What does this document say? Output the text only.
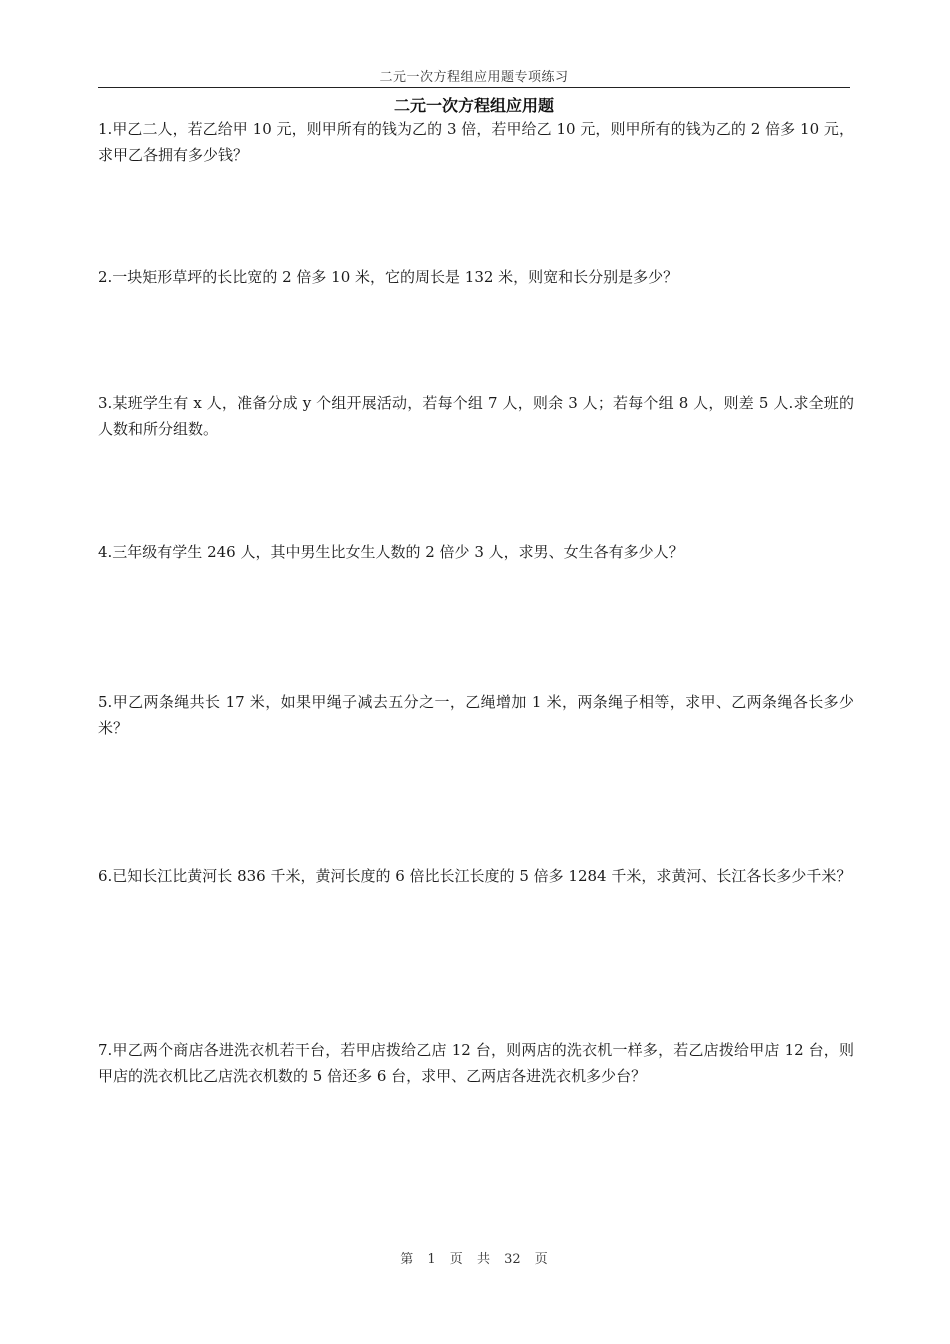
二元一次方程组应用题专项练习
二元一次方程组应用题
1.甲乙二人，若乙给甲 10 元，则甲所有的钱为乙的 3 倍，若甲给乙 10 元，则甲所有的钱为乙的 2 倍多 10 元，求甲乙各拥有多少钱？
2.一块矩形草坪的长比宽的 2 倍多 10 米，它的周长是 132 米，则宽和长分别是多少？
3.某班学生有 x 人，准备分成 y 个组开展活动，若每个组 7 人，则余 3 人；若每个组 8 人，则差 5 人.求全班的人数和所分组数。
4.三年级有学生 246 人，其中男生比女生人数的 2 倍少 3 人，求男、女生各有多少人？
5.甲乙两条绳共长 17 米，如果甲绳子减去五分之一，乙绳增加 1 米，两条绳子相等，求甲、乙两条绳各长多少米？
6.已知长江比黄河长 836 千米，黄河长度的 6 倍比长江长度的 5 倍多 1284 千米，求黄河、长江各长多少千米？
7.甲乙两个商店各进洗衣机若干台，若甲店拨给乙店 12 台，则两店的洗衣机一样多，若乙店拨给甲店 12 台，则甲店的洗衣机比乙店洗衣机数的 5 倍还多 6 台，求甲、乙两店各进洗衣机多少台？
第 1 页 共 32 页
